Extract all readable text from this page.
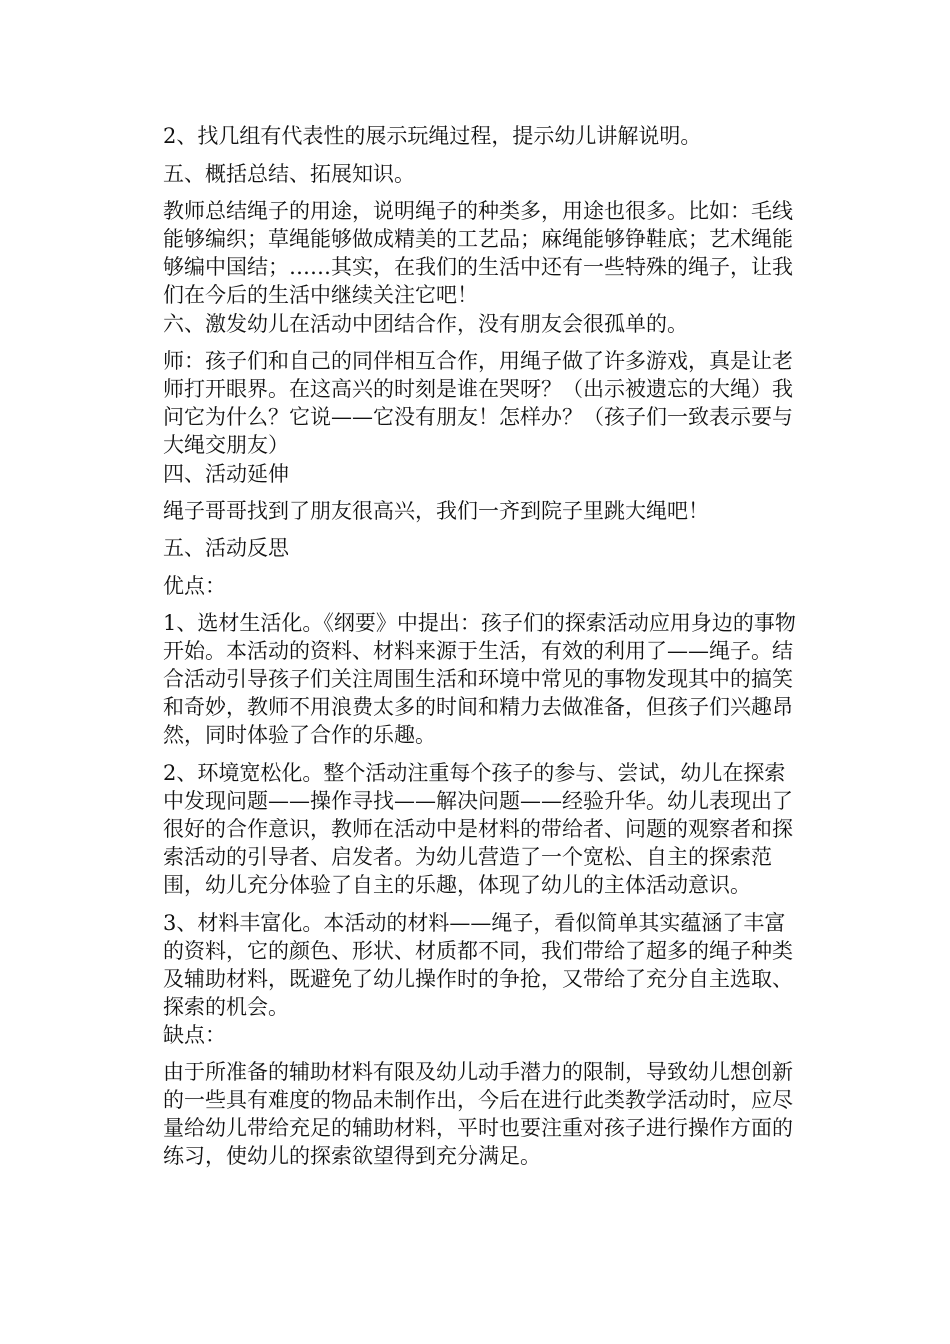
2、找几组有代表性的展示玩绳过程，提示幼儿讲解说明。

五、概括总结、拓展知识。

教师总结绳子的用途，说明绳子的种类多，用途也很多。比如：毛线能够编织；草绳能够做成精美的工艺品；麻绳能够铮鞋底；艺术绳能够编中国结；……其实，在我们的生活中还有一些特殊的绳子，让我们在今后的生活中继续关注它吧！

六、激发幼儿在活动中团结合作，没有朋友会很孤单的。

师：孩子们和自己的同伴相互合作，用绳子做了许多游戏，真是让老师打开眼界。在这高兴的时刻是谁在哭呀？（出示被遗忘的大绳）我问它为什么？它说——它没有朋友！怎样办？（孩子们一致表示要与大绳交朋友）

四、活动延伸

绳子哥哥找到了朋友很高兴，我们一齐到院子里跳大绳吧！

五、活动反思

优点：

1、选材生活化。《纲要》中提出：孩子们的探索活动应用身边的事物开始。本活动的资料、材料来源于生活，有效的利用了——绳子。结合活动引导孩子们关注周围生活和环境中常见的事物发现其中的搞笑和奇妙，教师不用浪费太多的时间和精力去做准备，但孩子们兴趣昂然，同时体验了合作的乐趣。

2、环境宽松化。整个活动注重每个孩子的参与、尝试，幼儿在探索中发现问题——操作寻找——解决问题——经验升华。幼儿表现出了很好的合作意识，教师在活动中是材料的带给者、问题的观察者和探索活动的引导者、启发者。为幼儿营造了一个宽松、自主的探索范围，幼儿充分体验了自主的乐趣，体现了幼儿的主体活动意识。

3、材料丰富化。本活动的材料——绳子，看似简单其实蕴涵了丰富的资料，它的颜色、形状、材质都不同，我们带给了超多的绳子种类及辅助材料，既避免了幼儿操作时的争抢，又带给了充分自主选取、探索的机会。

缺点：

由于所准备的辅助材料有限及幼儿动手潜力的限制，导致幼儿想创新的一些具有难度的物品未制作出，今后在进行此类教学活动时，应尽量给幼儿带给充足的辅助材料，平时也要注重对孩子进行操作方面的练习，使幼儿的探索欲望得到充分满足。
